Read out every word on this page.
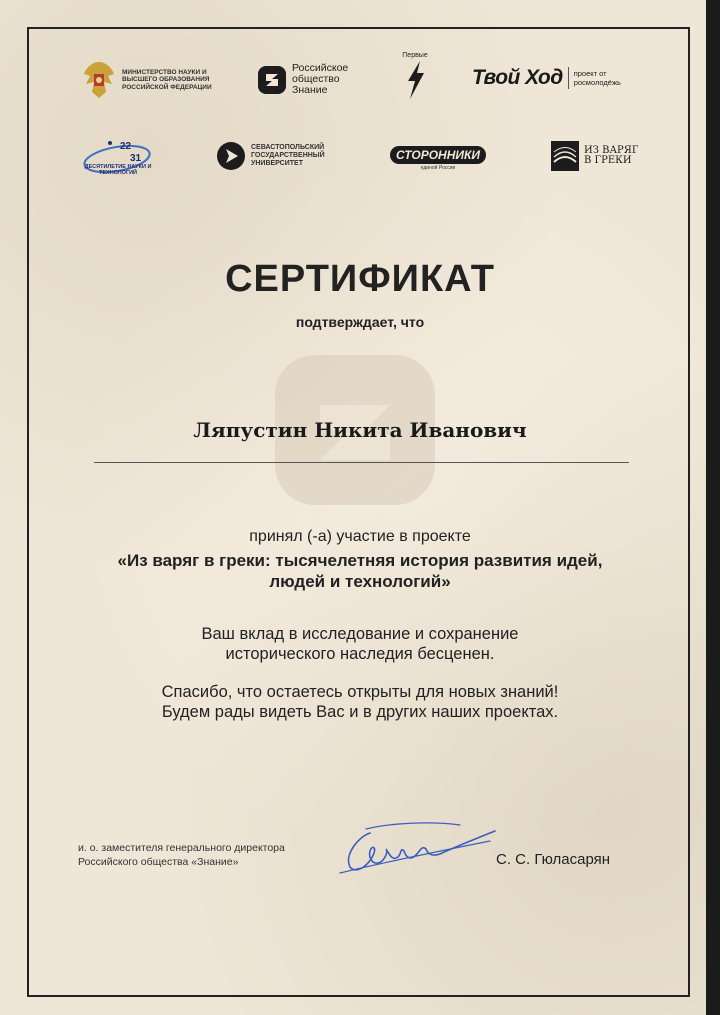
МИНИСТЕРСТВО НАУКИ И ВЫСШЕГО ОБРАЗОВАНИЯ РОССИЙСКОЙ ФЕДЕРАЦИИ
Российское общество Знание
Первые
Твой Ход проект от росмолодёжь
22
31
ДЕСЯТИЛЕТИЕ НАУКИ И ТЕХНОЛОГИЙ
СЕВАСТОПОЛЬСКИЙ ГОСУДАРСТВЕННЫЙ УНИВЕРСИТЕТ
СТОРОННИКИ
единой России
ИЗ ВАРЯГ В ГРЕКИ
СЕРТИФИКАТ
подтверждает, что
Ляпустин Никита Иванович
принял (-а) участие в проекте
«Из варяг в греки: тысячелетняя история развития идей,
людей и технологий»
Ваш вклад в исследование и сохранение
исторического наследия бесценен.
Спасибо, что остаетесь открыты для новых знаний!
Будем рады видеть Вас и в других наших проектах.
и. о. заместителя генерального директора
Российского общества «Знание»	С. С. Гюласарян
